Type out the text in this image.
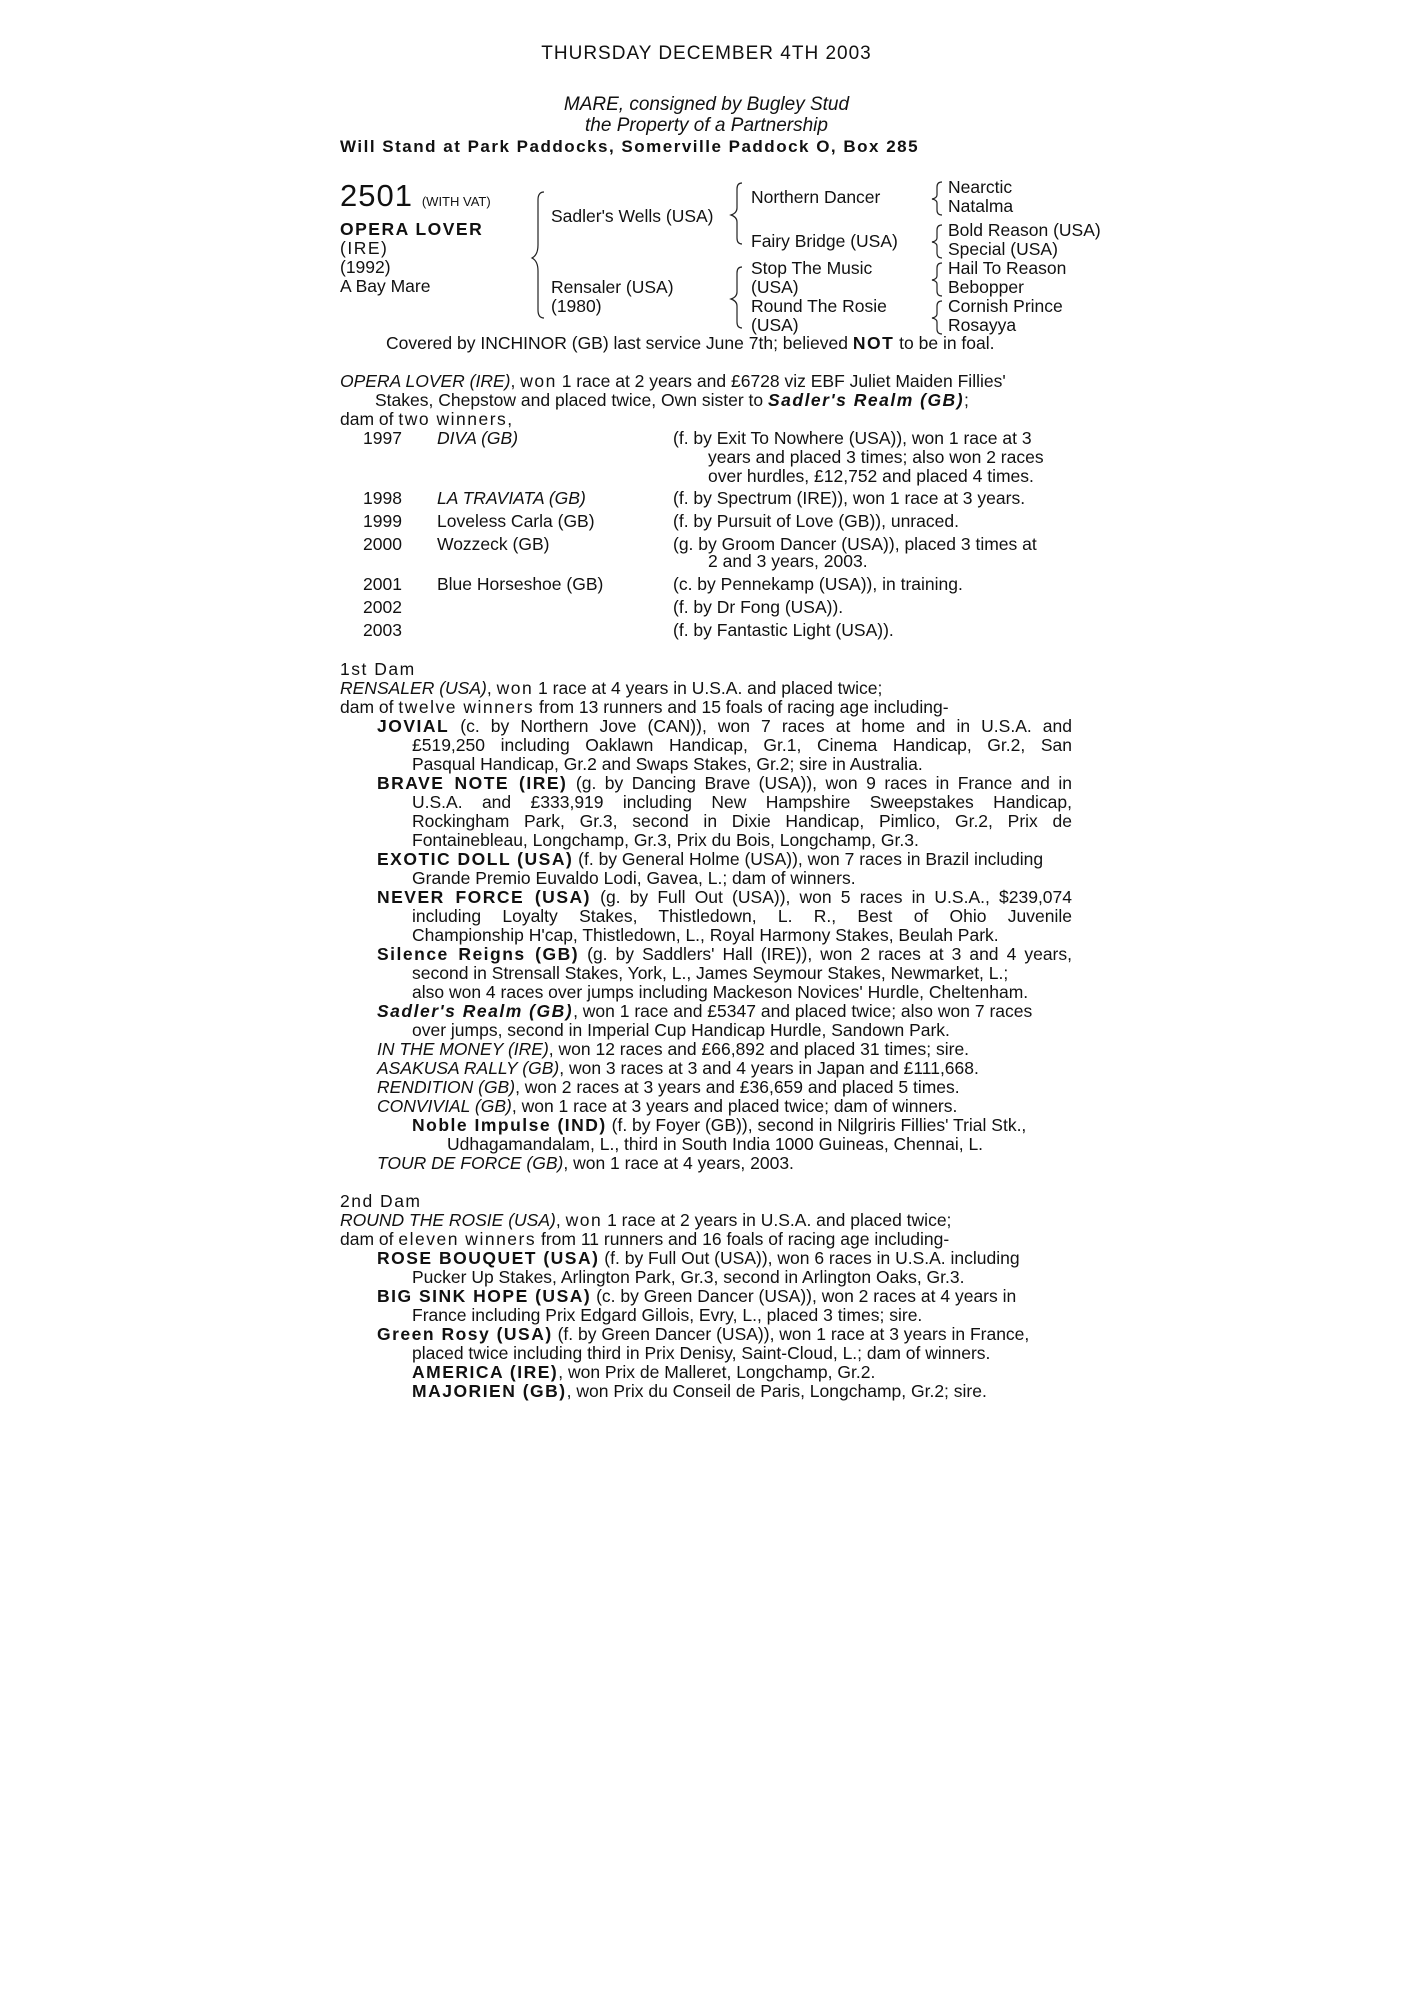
THURSDAY DECEMBER 4TH 2003
MARE, consigned by Bugley Stud
the Property of a Partnership
Will Stand at Park Paddocks, Somerville Paddock O, Box 285
2501 (WITH VAT)
OPERA LOVER
(IRE)
(1992)
A Bay Mare
Sadler's Wells (USA)
Rensaler (USA)
(1980)
Northern Dancer
Fairy Bridge (USA)
Stop The Music
(USA)
Round The Rosie
(USA)
Nearctic
Natalma
Bold Reason (USA)
Special (USA)
Hail To Reason
Bebopper
Cornish Prince
Rosayya
Covered by INCHINOR (GB) last service June 7th; believed NOT to be in foal.
OPERA LOVER (IRE), won 1 race at 2 years and £6728 viz EBF Juliet Maiden Fillies'
Stakes, Chepstow and placed twice, Own sister to Sadler's Realm (GB);
dam of two winners,
1997 DIVA (GB)	(f. by Exit To Nowhere (USA)), won 1 race at 3
years and placed 3 times; also won 2 races
over hurdles, £12,752 and placed 4 times.
1998 LA TRAVIATA (GB)	(f. by Spectrum (IRE)), won 1 race at 3 years.
1999 Loveless Carla (GB)	(f. by Pursuit of Love (GB)), unraced.
2000 Wozzeck (GB)	(g. by Groom Dancer (USA)), placed 3 times at
2 and 3 years, 2003.
2001 Blue Horseshoe (GB)	(c. by Pennekamp (USA)), in training.
2002	(f. by Dr Fong (USA)).
2003	(f. by Fantastic Light (USA)).
1st Dam
RENSALER (USA), won 1 race at 4 years in U.S.A. and placed twice;
dam of twelve winners from 13 runners and 15 foals of racing age including-
JOVIAL (c. by Northern Jove (CAN)), won 7 races at home and in U.S.A. and
£519,250 including Oaklawn Handicap, Gr.1, Cinema Handicap, Gr.2, San
Pasqual Handicap, Gr.2 and Swaps Stakes, Gr.2; sire in Australia.
BRAVE NOTE (IRE) (g. by Dancing Brave (USA)), won 9 races in France and in
U.S.A. and £333,919 including New Hampshire Sweepstakes Handicap,
Rockingham Park, Gr.3, second in Dixie Handicap, Pimlico, Gr.2, Prix de
Fontainebleau, Longchamp, Gr.3, Prix du Bois, Longchamp, Gr.3.
EXOTIC DOLL (USA) (f. by General Holme (USA)), won 7 races in Brazil including
Grande Premio Euvaldo Lodi, Gavea, L.; dam of winners.
NEVER FORCE (USA) (g. by Full Out (USA)), won 5 races in U.S.A., $239,074
including Loyalty Stakes, Thistledown, L. R., Best of Ohio Juvenile
Championship H'cap, Thistledown, L., Royal Harmony Stakes, Beulah Park.
Silence Reigns (GB) (g. by Saddlers' Hall (IRE)), won 2 races at 3 and 4 years,
second in Strensall Stakes, York, L., James Seymour Stakes, Newmarket, L.;
also won 4 races over jumps including Mackeson Novices' Hurdle, Cheltenham.
Sadler's Realm (GB), won 1 race and £5347 and placed twice; also won 7 races
over jumps, second in Imperial Cup Handicap Hurdle, Sandown Park.
IN THE MONEY (IRE), won 12 races and £66,892 and placed 31 times; sire.
ASAKUSA RALLY (GB), won 3 races at 3 and 4 years in Japan and £111,668.
RENDITION (GB), won 2 races at 3 years and £36,659 and placed 5 times.
CONVIVIAL (GB), won 1 race at 3 years and placed twice; dam of winners.
Noble Impulse (IND) (f. by Foyer (GB)), second in Nilgriris Fillies' Trial Stk.,
Udhagamandalam, L., third in South India 1000 Guineas, Chennai, L.
TOUR DE FORCE (GB), won 1 race at 4 years, 2003.
2nd Dam
ROUND THE ROSIE (USA), won 1 race at 2 years in U.S.A. and placed twice;
dam of eleven winners from 11 runners and 16 foals of racing age including-
ROSE BOUQUET (USA) (f. by Full Out (USA)), won 6 races in U.S.A. including
Pucker Up Stakes, Arlington Park, Gr.3, second in Arlington Oaks, Gr.3.
BIG SINK HOPE (USA) (c. by Green Dancer (USA)), won 2 races at 4 years in
France including Prix Edgard Gillois, Evry, L., placed 3 times; sire.
Green Rosy (USA) (f. by Green Dancer (USA)), won 1 race at 3 years in France,
placed twice including third in Prix Denisy, Saint-Cloud, L.; dam of winners.
AMERICA (IRE), won Prix de Malleret, Longchamp, Gr.2.
MAJORIEN (GB), won Prix du Conseil de Paris, Longchamp, Gr.2; sire.
